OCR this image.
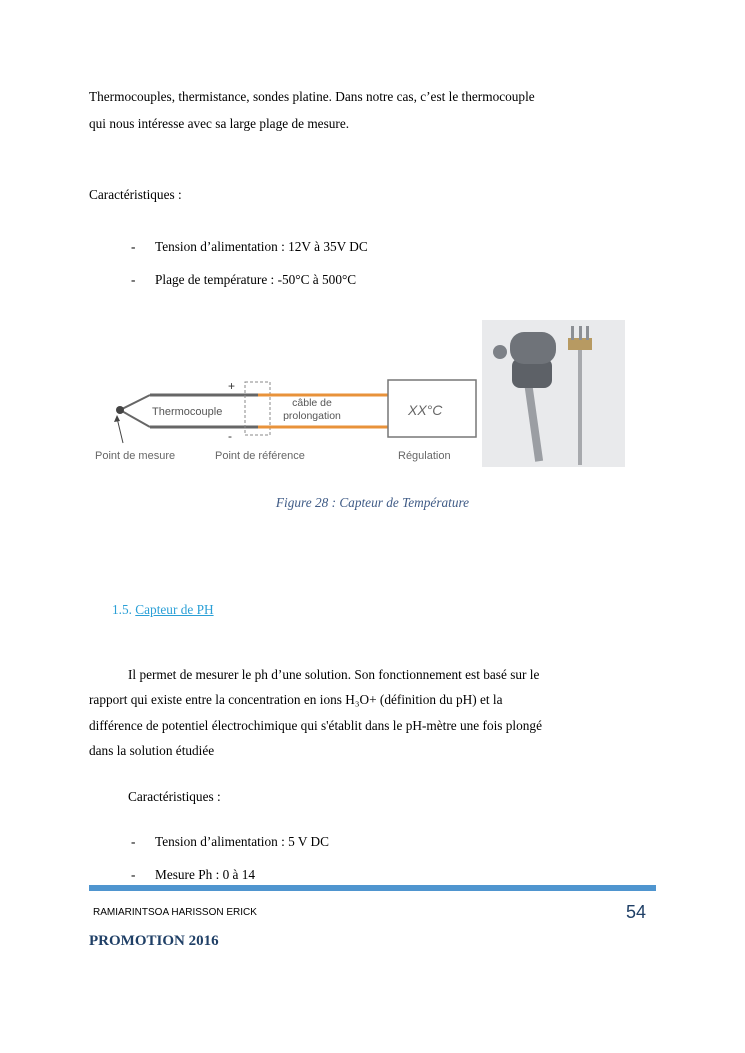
Thermocouples, thermistance, sondes platine. Dans notre cas, c’est le thermocouple
qui nous intéresse avec sa large plage de mesure.
Caractéristiques :
- Tension d’alimentation : 12V à 35V DC
- Plage de température : -50°C à 500°C
+
-
Thermocouple
câble de
prolongation	XX°C
Point de mesure	Point de référence	Régulation
Figure 28 : Capteur de Température
1.5. Capteur de PH
Il permet de mesurer le ph d’une solution. Son fonctionnement est basé sur le
rapport qui existe entre la concentration en ions H₃O+ (définition du pH) et la
différence de potentiel électrochimique qui s'établit dans le pH-mètre une fois plongé
dans la solution étudiée
Caractéristiques :
- Tension d’alimentation : 5 V DC
- Mesure Ph : 0 à 14
RAMIARINTSOA HARISSON ERICK	54
PROMOTION 2016
